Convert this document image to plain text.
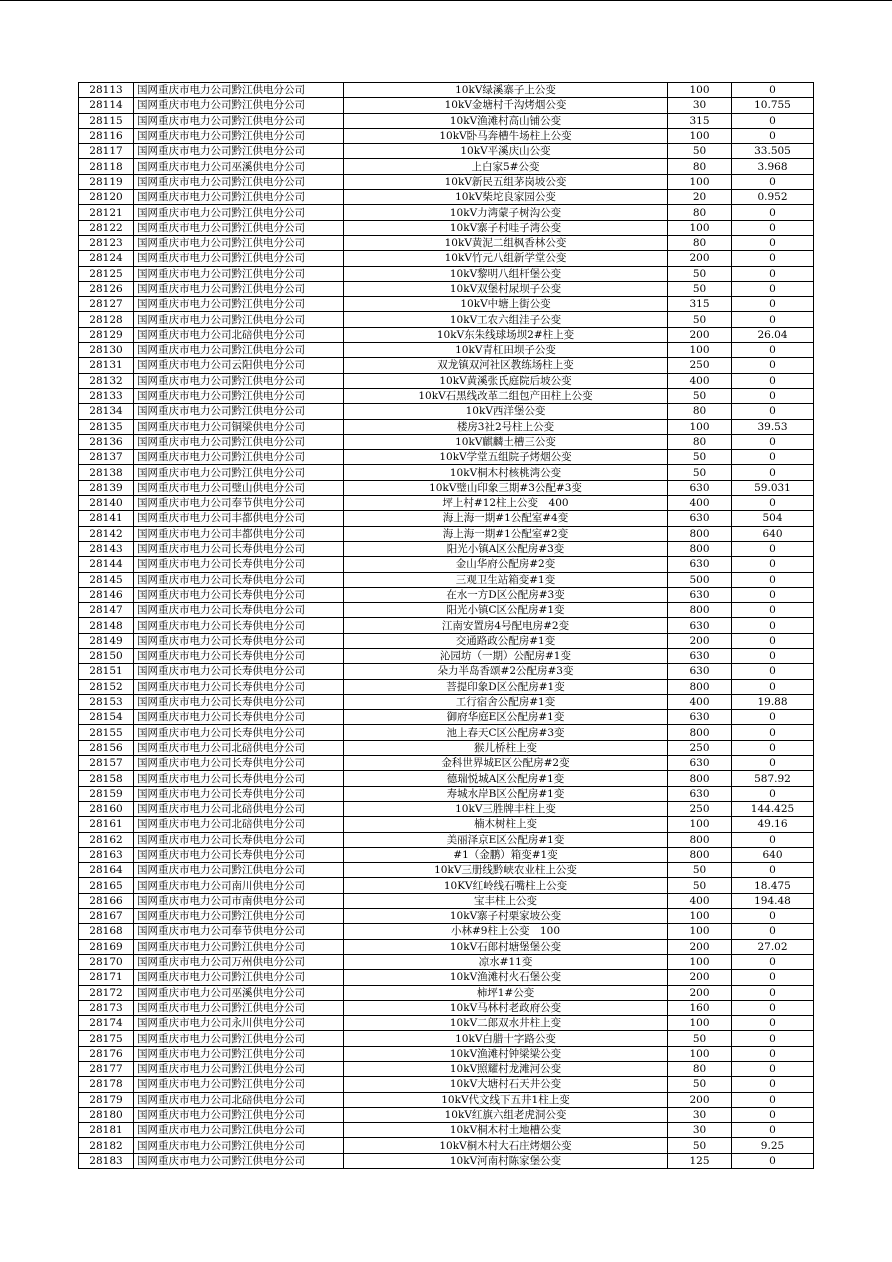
28113	国网重庆市电力公司黔江供电分公司	10kV绿溪寨子上公变	100	0
28114	国网重庆市电力公司黔江供电分公司	10kV金塘村千沟烤烟公变	30	10.755
28115	国网重庆市电力公司黔江供电分公司	10kV渔滩村高山铺公变	315	0
28116	国网重庆市电力公司黔江供电分公司	10kV卧马奔槽牛场柱上公变	100	0
28117	国网重庆市电力公司黔江供电分公司	10kV平溪庆山公变	50	33.505
28118	国网重庆市电力公司巫溪供电分公司	上白家5#公变	80	3.968
28119	国网重庆市电力公司黔江供电分公司	10kV新民五组茅岗坡公变	100	0
28120	国网重庆市电力公司黔江供电分公司	10kV柴坨良家园公变	20	0.952
28121	国网重庆市电力公司黔江供电分公司	10kV力湾蒙子树沟公变	80	0
28122	国网重庆市电力公司黔江供电分公司	10kV寨子村哇子湾公变	100	0
28123	国网重庆市电力公司黔江供电分公司	10kV黄泥二组枫香林公变	80	0
28124	国网重庆市电力公司黔江供电分公司	10kV竹元八组新学堂公变	200	0
28125	国网重庆市电力公司黔江供电分公司	10kV黎明八组杆堡公变	50	0
28126	国网重庆市电力公司黔江供电分公司	10kV双堡村尿坝子公变	50	0
28127	国网重庆市电力公司黔江供电分公司	10kV中塘上街公变	315	0
28128	国网重庆市电力公司黔江供电分公司	10kV工农六组洼子公变	50	0
28129	国网重庆市电力公司北碚供电分公司	10kV东朱线球场坝2#柱上变	200	26.04
28130	国网重庆市电力公司黔江供电分公司	10kV青杠田坝子公变	100	0
28131	国网重庆市电力公司云阳供电分公司	双龙镇双河社区教练场柱上变	250	0
28132	国网重庆市电力公司黔江供电分公司	10kV黄溪张氏庭院后坡公变	400	0
28133	国网重庆市电力公司黔江供电分公司	10kV石黑线改革二组包产田柱上公变	50	0
28134	国网重庆市电力公司黔江供电分公司	10kV西洋堡公变	80	0
28135	国网重庆市电力公司铜梁供电分公司	楼房3社2号柱上公变	100	39.53
28136	国网重庆市电力公司黔江供电分公司	10kV麒麟土槽三公变	80	0
28137	国网重庆市电力公司黔江供电分公司	10kV学堂五组院子烤烟公变	50	0
28138	国网重庆市电力公司黔江供电分公司	10kV桐木村核桃湾公变	50	0
28139	国网重庆市电力公司璧山供电分公司	10kV璧山印象三期#3公配#3变	630	59.031
28140	国网重庆市电力公司奉节供电分公司	坪上村#12柱上公变　400	400	0
28141	国网重庆市电力公司丰都供电分公司	海上海一期#1公配室#4变	630	504
28142	国网重庆市电力公司丰都供电分公司	海上海一期#1公配室#2变	800	640
28143	国网重庆市电力公司长寿供电分公司	阳光小镇A区公配房#3变	800	0
28144	国网重庆市电力公司长寿供电分公司	金山华府公配房#2变	630	0
28145	国网重庆市电力公司长寿供电分公司	三观卫生站箱变#1变	500	0
28146	国网重庆市电力公司长寿供电分公司	在水一方D区公配房#3变	630	0
28147	国网重庆市电力公司长寿供电分公司	阳光小镇C区公配房#1变	800	0
28148	国网重庆市电力公司长寿供电分公司	江南安置房4号配电房#2变	630	0
28149	国网重庆市电力公司长寿供电分公司	交通路政公配房#1变	200	0
28150	国网重庆市电力公司长寿供电分公司	沁园坊（一期）公配房#1变	630	0
28151	国网重庆市电力公司长寿供电分公司	朵力半岛香颂#2公配房#3变	630	0
28152	国网重庆市电力公司长寿供电分公司	菩提印象D区公配房#1变	800	0
28153	国网重庆市电力公司长寿供电分公司	工行宿舍公配房#1变	400	19.88
28154	国网重庆市电力公司长寿供电分公司	御府华庭E区公配房#1变	630	0
28155	国网重庆市电力公司长寿供电分公司	池上春天C区公配房#3变	800	0
28156	国网重庆市电力公司北碚供电分公司	猴儿桥柱上变	250	0
28157	国网重庆市电力公司长寿供电分公司	金科世界城E区公配房#2变	630	0
28158	国网重庆市电力公司长寿供电分公司	德瑞悦城A区公配房#1变	800	587.92
28159	国网重庆市电力公司长寿供电分公司	寿城水岸B区公配房#1变	630	0
28160	国网重庆市电力公司北碚供电分公司	10kV三胜牌丰柱上变	250	144.425
28161	国网重庆市电力公司北碚供电分公司	楠木树柱上变	100	49.16
28162	国网重庆市电力公司长寿供电分公司	美丽泽京E区公配房#1变	800	0
28163	国网重庆市电力公司长寿供电分公司	#1（金鹏）箱变#1变	800	640
28164	国网重庆市电力公司黔江供电分公司	10kV三册线黔峡农业柱上公变	50	0
28165	国网重庆市电力公司南川供电分公司	10KV红岭线石嘴柱上公变	50	18.475
28166	国网重庆市电力公司市南供电分公司	宝丰柱上公变	400	194.48
28167	国网重庆市电力公司黔江供电分公司	10kV寨子村栗家坡公变	100	0
28168	国网重庆市电力公司奉节供电分公司	小林#9柱上公变　100	100	0
28169	国网重庆市电力公司黔江供电分公司	10kV石郎村塘堡堡公变	200	27.02
28170	国网重庆市电力公司万州供电分公司	凉水#11变	100	0
28171	国网重庆市电力公司黔江供电分公司	10kV渔滩村火石堡公变	200	0
28172	国网重庆市电力公司巫溪供电分公司	柿坪1#公变	200	0
28173	国网重庆市电力公司黔江供电分公司	10kV马林村老政府公变	160	0
28174	国网重庆市电力公司永川供电分公司	10kV二郎双水井柱上变	100	0
28175	国网重庆市电力公司黔江供电分公司	10kV白腊十字路公变	50	0
28176	国网重庆市电力公司黔江供电分公司	10kV渔滩村钟梁梁公变	100	0
28177	国网重庆市电力公司黔江供电分公司	10kV照耀村龙滩河公变	80	0
28178	国网重庆市电力公司黔江供电分公司	10kV大塘村石天井公变	50	0
28179	国网重庆市电力公司北碚供电分公司	10kV代文线下五井1柱上变	200	0
28180	国网重庆市电力公司黔江供电分公司	10kV红旗六组老虎洞公变	30	0
28181	国网重庆市电力公司黔江供电分公司	10kV桐木村土地槽公变	30	0
28182	国网重庆市电力公司黔江供电分公司	10kV桐木村大石庄烤烟公变	50	9.25
28183	国网重庆市电力公司黔江供电分公司	10kV河南村陈家堡公变	125	0
